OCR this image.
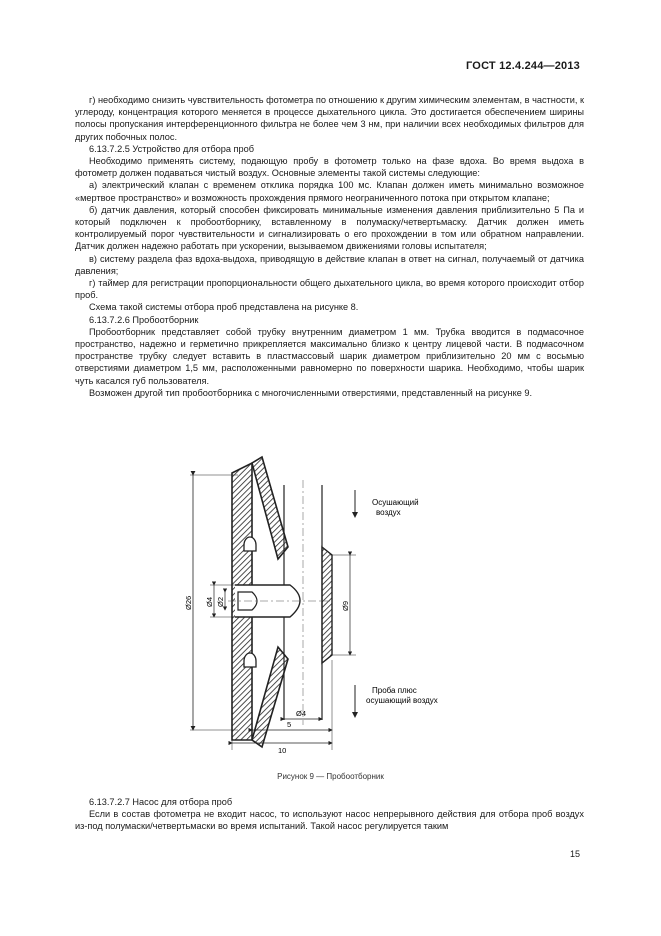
ГОСТ 12.4.244—2013

г) необходимо снизить чувствительность фотометра по отношению к другим химическим элементам, в частности, к углероду, концентрация которого меняется в процессе дыхательного цикла. Это достигается обеспечением ширины полосы пропускания интерференционного фильтра не более чем 3 нм, при наличии всех необходимых фильтров для других побочных полос.

6.13.7.2.5 Устройство для отбора проб

Необходимо применять систему, подающую пробу в фотометр только на фазе вдоха. Во время выдоха в фотометр должен подаваться чистый воздух. Основные элементы такой системы следующие:

а) электрический клапан с временем отклика порядка 100 мс. Клапан должен иметь минимально возможное «мертвое пространство» и возможность прохождения прямого неограниченного потока при открытом клапане;

б) датчик давления, который способен фиксировать минимальные изменения давления приблизительно 5 Па и который подключен к пробоотборнику, вставленному в полумаску/четвертьмаску. Датчик должен иметь контролируемый порог чувствительности и сигнализировать о его прохождении в том или обратном направлении. Датчик должен надежно работать при ускорении, вызываемом движениями головы испытателя;

в) систему раздела фаз вдоха-выдоха, приводящую в действие клапан в ответ на сигнал, получаемый от датчика давления;

г) таймер для регистрации пропорциональности общего дыхательного цикла, во время которого происходит отбор проб.

Схема такой системы отбора проб представлена на рисунке 8.

6.13.7.2.6 Пробоотборник

Пробоотборник представляет собой трубку внутренним диаметром 1 мм. Трубка вводится в подмасочное пространство, надежно и герметично прикрепляется максимально близко к центру лицевой части. В подмасочном пространстве трубку следует вставить в пластмассовый шарик диаметром приблизительно 20 мм с восьмью отверстиями диаметром 1,5 мм, расположенными равномерно по поверхности шарика. Необходимо, чтобы шарик чуть касался губ пользователя.

Возможен другой тип пробоотборника с многочисленными отверстиями, представленный на рисунке 9.

Осушающий
воздух
Проба плюс
осушающий воздух
Ø26 Ø4 Ø2	Ø9
Ø4
5
10
Рисунок 9 — Пробоотборник

6.13.7.2.7 Насос для отбора проб

Если в состав фотометра не входит насос, то используют насос непрерывного действия для отбора проб воздух из-под полумаски/четвертьмаски во время испытаний. Такой насос регулируется таким

15
